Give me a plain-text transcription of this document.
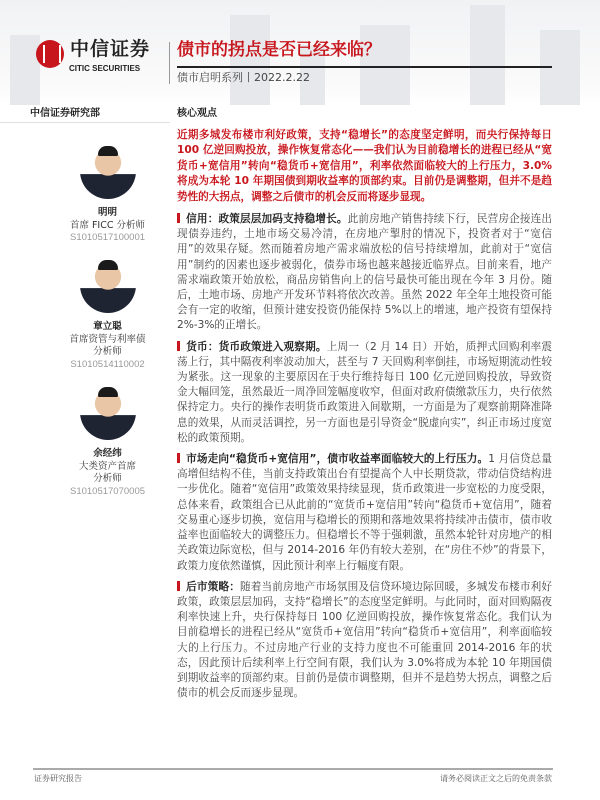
中信证券
CITIC SECURITIES
债市的拐点是否已经来临？
债市启明系列丨2022.2.22
中信证券研究部	核心观点
明明
首席 FICC 分析师
S1010517100001
章立聪
首席资管与利率债
分析师
S1010514110002
余经纬
大类资产首席
分析师
S1010517070005
近期多城发布楼市利好政策，支持“稳增长”的态度坚定鲜明，而央行保持每日 100 亿逆回购投放，操作恢复常态化——我们认为目前稳增长的进程已经从“宽货币+宽信用”转向“稳货币+宽信用”，利率依然面临较大的上行压力，3.0%将成为本轮 10 年期国债到期收益率的顶部约束。目前仍是调整期，但并不是趋势性的大拐点，调整之后债市的机会反而将逐步显现。
信用：政策层层加码支持稳增长。此前房地产销售持续下行，民营房企接连出现债券违约，土地市场交易冷清，在房地产掣肘的情况下，投资者对于“宽信用”的效果存疑。然而随着房地产需求端放松的信号持续增加，此前对于“宽信用”制约的因素也逐步被弱化，债券市场也越来越接近临界点。目前来看，地产需求端政策开始放松，商品房销售向上的信号最快可能出现在今年 3 月份。随后，土地市场、房地产开发环节料将依次改善。虽然 2022 年全年土地投资可能会有一定的收缩，但预计建安投资仍能保持 5%以上的增速，地产投资有望保持 2%-3%的正增长。
货币：货币政策进入观察期。上周一（2 月 14 日）开始，质押式回购利率震荡上行，其中隔夜利率波动加大，甚至与 7 天回购利率倒挂，市场短期流动性较为紧张。这一现象的主要原因在于央行维持每日 100 亿元逆回购投放，导致资金大幅回笼，虽然最近一周净回笼幅度收窄，但面对政府债缴款压力，央行依然保持定力。央行的操作表明货币政策进入间歇期，一方面是为了观察前期降准降息的效果，从而灵活调控，另一方面也是引导资金“脱虚向实”，纠正市场过度宽松的政策预期。
市场走向“稳货币+宽信用”，债市收益率面临较大的上行压力。1 月信贷总量高增但结构不佳，当前支持政策出台有望提高个人中长期贷款，带动信贷结构进一步优化。随着“宽信用”政策效果持续显现，货币政策进一步宽松的力度受限，总体来看，政策组合已从此前的“宽货币+宽信用”转向“稳货币+宽信用”，随着交易重心逐步切换，宽信用与稳增长的预期和落地效果将持续冲击债市，债市收益率也面临较大的调整压力。但稳增长不等于强刺激，虽然本轮针对房地产的相关政策边际宽松，但与 2014-2016 年仍有较大差别，在“房住不炒”的背景下，政策力度依然谨慎，因此预计利率上行幅度有限。
后市策略：随着当前房地产市场氛围及信贷环境边际回暖，多城发布楼市利好政策，政策层层加码，支持“稳增长”的态度坚定鲜明。与此同时，面对回购隔夜利率快速上升，央行保持每日 100 亿逆回购投放，操作恢复常态化。我们认为目前稳增长的进程已经从“宽货币+宽信用”转向“稳货币+宽信用”，利率面临较大的上行压力。不过房地产行业的支持力度也不可能重回 2014-2016 年的状态，因此预计后续利率上行空间有限，我们认为 3.0%将成为本轮 10 年期国债到期收益率的顶部约束。目前仍是债市调整期，但并不是趋势大拐点，调整之后债市的机会反而逐步显现。
证券研究报告	请务必阅读正文之后的免责条款
